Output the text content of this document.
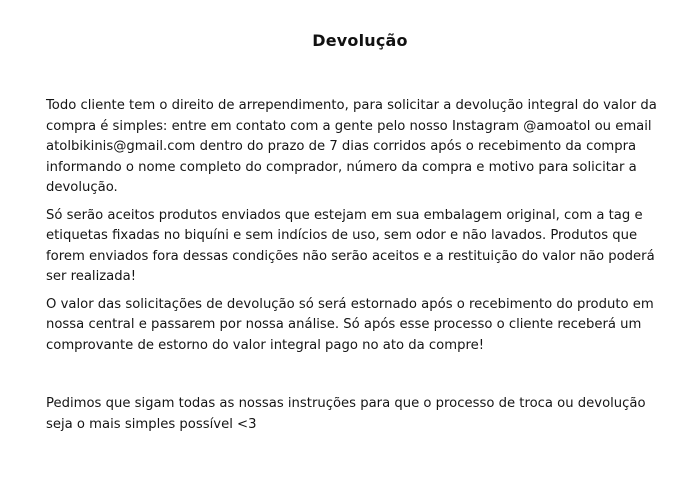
Devolução

Todo cliente tem o direito de arrependimento, para solicitar a devolução integral do valor da compra é simples: entre em contato com a gente pelo nosso Instagram @amoatol ou email atolbikinis@gmail.com dentro do prazo de 7 dias corridos após o recebimento da compra informando o nome completo do comprador, número da compra e motivo para solicitar a devolução.

Só serão aceitos produtos enviados que estejam em sua embalagem original, com a tag e etiquetas fixadas no biquíni e sem indícios de uso, sem odor e não lavados. Produtos que forem enviados fora dessas condições não serão aceitos e a restituição do valor não poderá ser realizada!

O valor das solicitações de devolução só será estornado após o recebimento do produto em nossa central e passarem por nossa análise. Só após esse processo o cliente receberá um comprovante de estorno do valor integral pago no ato da compre!

Pedimos que sigam todas as nossas instruções para que o processo de troca ou devolução seja o mais simples possível <3
